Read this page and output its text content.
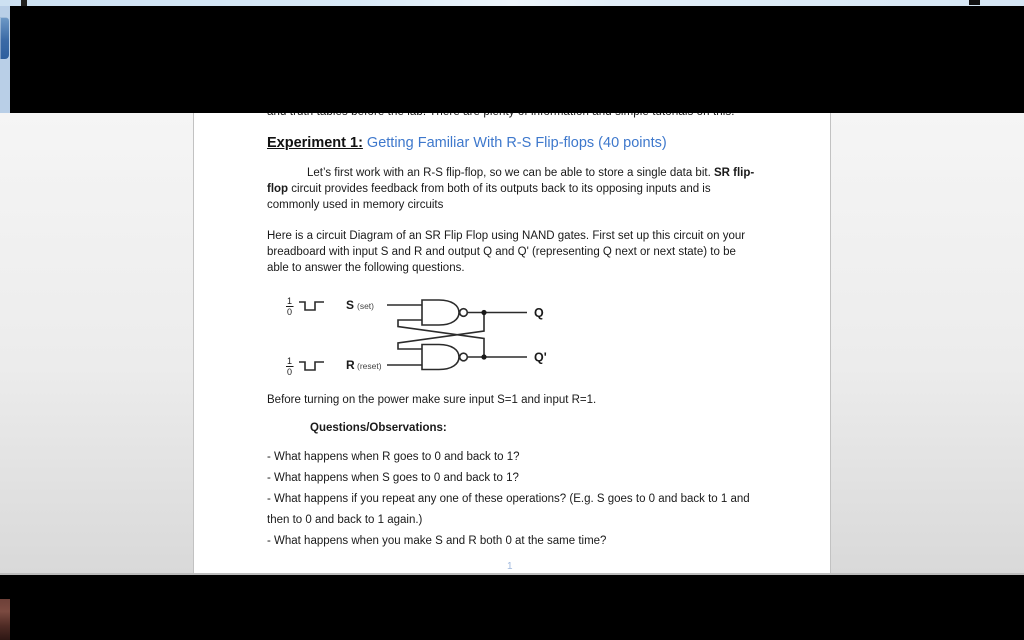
Experiment 1: Getting Familiar With R-S Flip-flops (40 points)
Let’s first work with an R-S flip-flop, so we can be able to store a single data bit. SR flip-flop circuit provides feedback from both of its outputs back to its opposing inputs and is commonly used in memory circuits
Here is a circuit Diagram of an SR Flip Flop using NAND gates. First set up this circuit on your breadboard with input S and R and output Q and Q' (representing Q next or next state) to be able to answer the following questions.
1
0
1
0
S (set)
R (reset)
Q
Q'
Before turning on the power make sure input S=1 and input R=1.
Questions/Observations:
- What happens when R goes to 0 and back to 1?
- What happens when S goes to 0 and back to 1?
- What happens if you repeat any one of these operations? (E.g. S goes to 0 and back to 1 and then to 0 and back to 1 again.)
- What happens when you make S and R both 0 at the same time?
1
